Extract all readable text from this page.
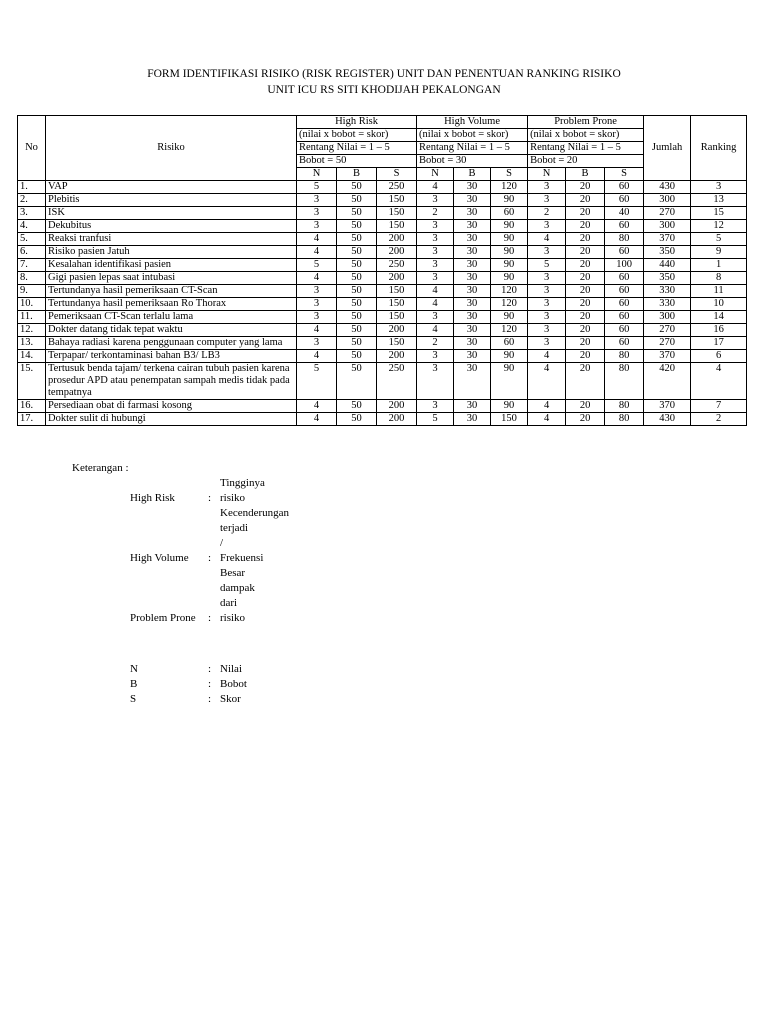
FORM IDENTIFIKASI RISIKO (RISK REGISTER) UNIT DAN PENENTUAN RANKING RISIKO
UNIT ICU RS SITI KHODIJAH PEKALONGAN
No	Risiko	High Risk			High Volume			Problem Prone			Jumlah	Ranking
		(nilai x bobot = skor)			(nilai x bobot = skor)			(nilai x bobot = skor)				
		Rentang Nilai = 1 – 5			Rentang Nilai = 1 – 5			Rentang Nilai = 1 – 5				
		Bobot = 50			Bobot = 30			Bobot = 20				
		N	B	S	N	B	S	N	B	S		
1.	VAP	5	50	250	4	30	120	3	20	60	430	3
2.	Plebitis	3	50	150	3	30	90	3	20	60	300	13
3.	ISK	3	50	150	2	30	60	2	20	40	270	15
4.	Dekubitus	3	50	150	3	30	90	3	20	60	300	12
5.	Reaksi tranfusi	4	50	200	3	30	90	4	20	80	370	5
6.	Risiko pasien Jatuh	4	50	200	3	30	90	3	20	60	350	9
7.	Kesalahan identifikasi pasien	5	50	250	3	30	90	5	20	100	440	1
8.	Gigi pasien lepas saat intubasi	4	50	200	3	30	90	3	20	60	350	8
9.	Tertundanya hasil pemeriksaan CT-Scan	3	50	150	4	30	120	3	20	60	330	11
10.	Tertundanya hasil pemeriksaan Ro Thorax	3	50	150	4	30	120	3	20	60	330	10
11.	Pemeriksaan CT-Scan terlalu lama	3	50	150	3	30	90	3	20	60	300	14
12.	Dokter datang tidak tepat waktu	4	50	200	4	30	120	3	20	60	270	16
13.	Bahaya radiasi karena penggunaan computer yang lama	3	50	150	2	30	60	3	20	60	270	17
14.	Terpapar/ terkontaminasi bahan B3/ LB3	4	50	200	3	30	90	4	20	80	370	6
15.	Tertusuk benda tajam/ terkena cairan tubuh pasien karena prosedur APD atau penempatan sampah medis tidak pada tempatnya	5	50	250	3	30	90	4	20	80	420	4
16.	Persediaan obat di farmasi kosong	4	50	200	3	30	90	4	20	80	370	7
17.	Dokter sulit di hubungi	4	50	200	5	30	150	4	20	80	430	2
Keterangan :
High Risk	:Tingginya risiko
High Volume :Kecenderungan terjadi / Frekuensi
Problem Prone :Besar dampak dari risiko
N	: Nilai
B	: Bobot
S	: Skor
